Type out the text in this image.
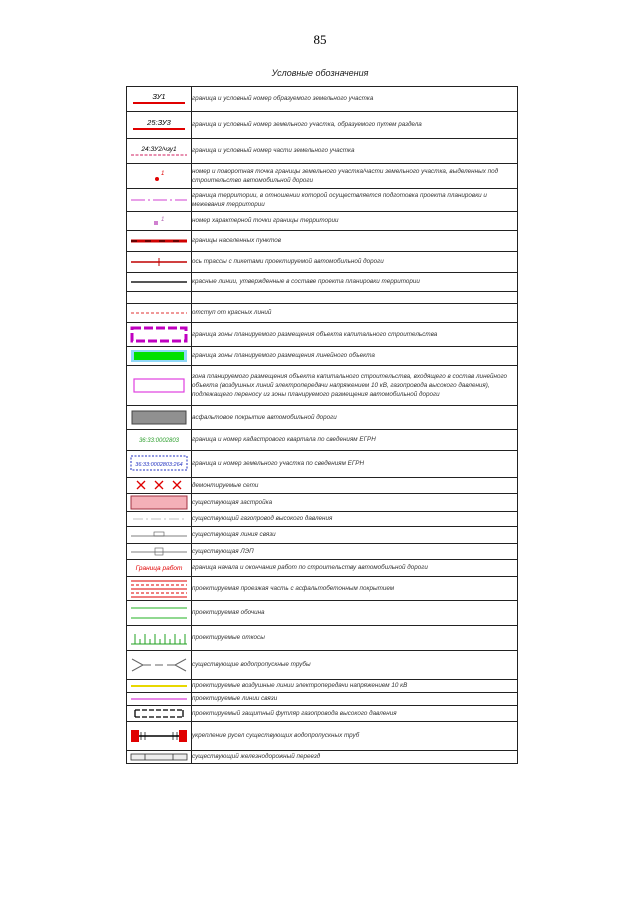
85
Условные обозначения
ЗУ1	граница и условный номер образуемого земельного участка

25:ЗУ3	граница и условный номер земельного участка, образуемого путем раздела

24:ЗУ2/чзу1	граница и условный номер части земельного участка

1	номер и поворотная точка границы земельного участка/части земельного участка, выделенных под строительство автомобильной дороги

	граница территории, в отношении которой осуществляется подготовка проекта планировки и межевания территории

1	номер характерной точки границы территории

	границы населенных пунктов

	ось трассы с пикетами проектируемой автомобильной дороги

	красные линии, утвержденные в составе проекта планировки территории

	отступ от красных линий

	граница зоны планируемого размещения объекта капитального строительства

	граница зоны планируемого размещения линейного объекта

	зона планируемого размещения объекта капитального строительства, входящего в состав линейного объекта (воздушных линий электропередачи напряжением 10 кВ, газопровода высокого давления), подлежащего переносу из зоны планируемого размещения автомобильной дороги

	асфальтовое покрытие автомобильной дороги

36:33:0002803	граница и номер кадастрового квартала по сведениям ЕГРН

36:33:0002803:264	граница и номер земельного участка по сведениям ЕГРН

	демонтируемые сети

	существующая застройка

	существующий газопровод высокого давления

	существующая линия связи

	существующая ЛЭП

Граница работ	граница начала и окончания работ по строительству автомобильной дороги

	проектируемая проезжая часть с асфальтобетонным покрытием

	проектируемая обочина

	проектируемые откосы

	существующие водопропускные трубы

	проектируемые воздушные линии электропередачи напряжением 10 кВ

	проектируемые линии связи

	проектируемый защитный футляр газопровода высокого давления

	укрепление русел существующих водопропускных труб

	существующий железнодорожный переезд
